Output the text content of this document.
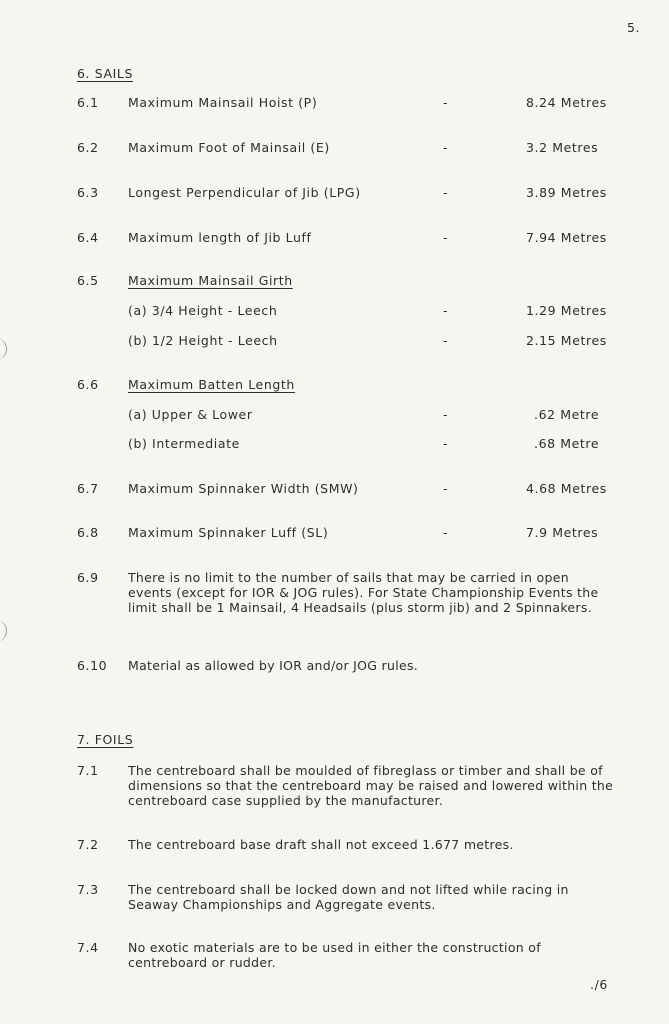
5.
6. SAILS
6.1 Maximum Mainsail Hoist (P)	-	8.24 Metres
6.2 Maximum Foot of Mainsail (E)	-	3.2 Metres
6.3 Longest Perpendicular of Jib (LPG)	-	3.89 Metres
6.4 Maximum length of Jib Luff	-	7.94 Metres
6.5 Maximum Mainsail Girth
(a) 3/4 Height - Leech	-	1.29 Metres
(b) 1/2 Height - Leech	-	2.15 Metres
6.6 Maximum Batten Length
(a) Upper & Lower	-	.62 Metre
(b) Intermediate	-	.68 Metre
6.7 Maximum Spinnaker Width (SMW)	-	4.68 Metres
6.8 Maximum Spinnaker Luff (SL)	-	7.9 Metres
6.9 There is no limit to the number of sails that may be carried in open events (except for IOR & JOG rules). For State Championship Events the limit shall be 1 Mainsail, 4 Headsails (plus storm jib) and 2 Spinnakers.
6.10 Material as allowed by IOR and/or JOG rules.
7. FOILS
7.1 The centreboard shall be moulded of fibreglass or timber and shall be of dimensions so that the centreboard may be raised and lowered within the centreboard case supplied by the manufacturer.
7.2 The centreboard base draft shall not exceed 1.677 metres.
7.3 The centreboard shall be locked down and not lifted while racing in Seaway Championships and Aggregate events.
7.4 No exotic materials are to be used in either the construction of centreboard or rudder.
./6
